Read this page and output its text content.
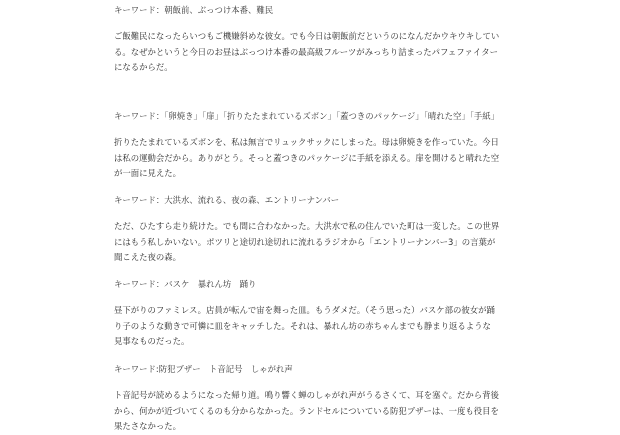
キーワード：朝飯前、ぶっつけ本番、難民

ご飯難民になったらいつもご機嫌斜めな彼女。でも今日は朝飯前だというのになんだかウキウキしてい
る。なぜかというと今日のお昼はぶっつけ本番の最高級フルーツがみっちり詰まったパフェファイター
になるからだ。

キーワード：「卵焼き」「扉」「折りたたまれているズボン」「蓋つきのパッケージ」「晴れた空」「手紙」

折りたたまれているズボンを、私は無言でリュックサックにしまった。母は卵焼きを作っていた。今日
は私の運動会だから。ありがとう。そっと蓋つきのパッケージに手紙を添える。扉を開けると晴れた空
が一面に見えた。

キーワード：大洪水、流れる、夜の森、エントリーナンバー

ただ、ひたすら走り続けた。でも間に合わなかった。大洪水で私の住んでいた町は一変した。この世界
にはもう私しかいない。ポツリと途切れ途切れに流れるラジオから「エントリーナンバー3」の言葉が
聞こえた夜の森。

キーワード：バスケ　暴れん坊　踊り

昼下がりのファミレス。店員が転んで宙を舞った皿。もうダメだ。（そう思った）バスケ部の彼女が踊
り子のような動きで可憐に皿をキャッチした。それは、暴れん坊の赤ちゃんまでも静まり返るような
見事なものだった。

キーワード:防犯ブザー　ト音記号　しゃがれ声

ト音記号が読めるようになった帰り道。鳴り響く蝉のしゃがれ声がうるさくて、耳を塞ぐ。だから背後
から、何かが近づいてくるのも分からなかった。ランドセルについている防犯ブザーは、一度も役目を
果たさなかった。
